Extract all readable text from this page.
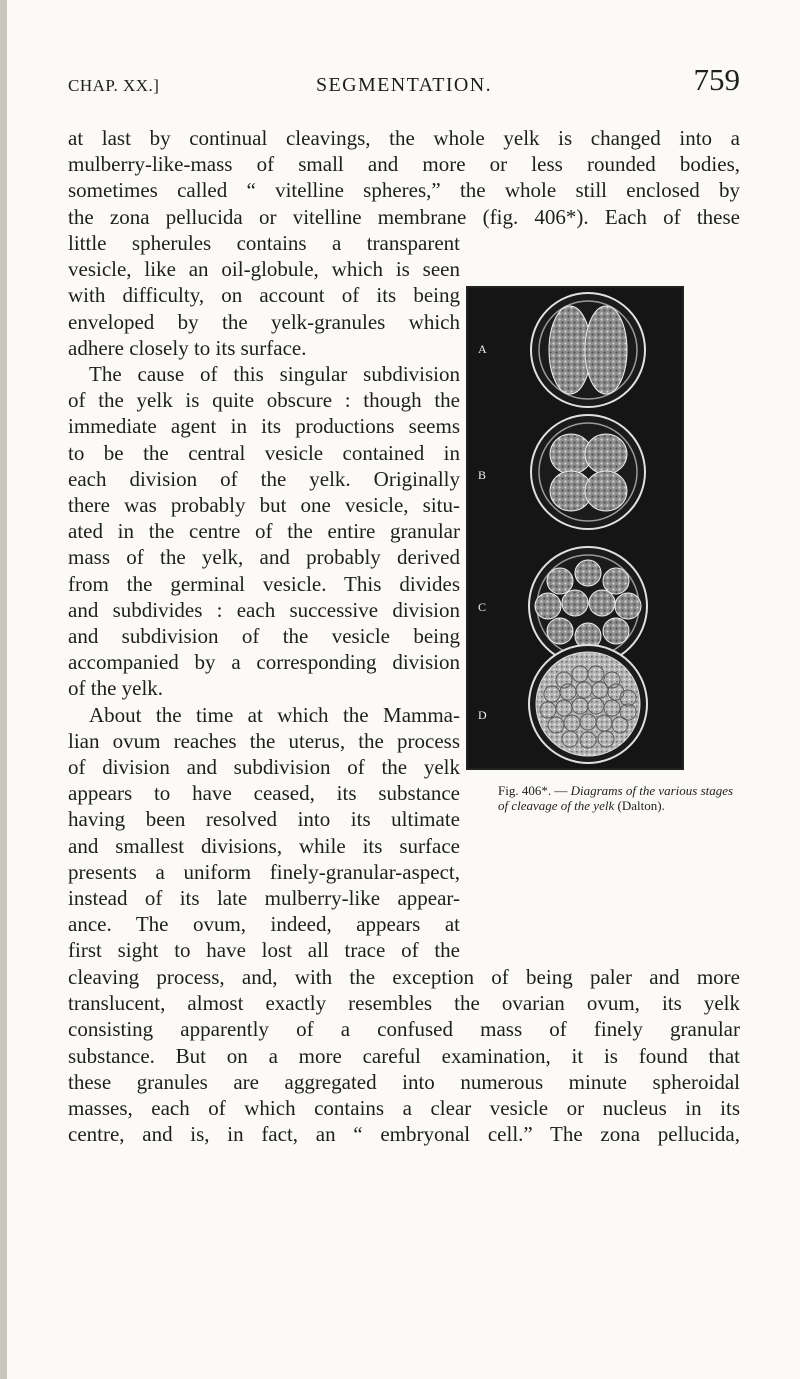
CHAP. XX.]	SEGMENTATION.	759
at last by continual cleavings, the whole yelk is changed into a
mulberry-like-mass of small and more or less rounded bodies,
sometimes called “ vitelline spheres,” the whole still enclosed by
the zona pellucida or vitelline membrane (fig. 406*). Each of these
little spherules contains a transparent
vesicle, like an oil-globule, which is seen
with difficulty, on account of its being
enveloped by the yelk-granules which
adhere closely to its surface.
The cause of this singular subdivision
of the yelk is quite obscure : though the
immediate agent in its productions seems
to be the central vesicle contained in
each division of the yelk. Originally
there was probably but one vesicle, situ-
ated in the centre of the entire granular
mass of the yelk, and probably derived
from the germinal vesicle. This divides
and subdivides : each successive division
and subdivision of the vesicle being
accompanied by a corresponding division
of the yelk.
About the time at which the Mamma-
lian ovum reaches the uterus, the process
of division and subdivision of the yelk
appears to have ceased, its substance
having been resolved into its ultimate
and smallest divisions, while its surface
presents a uniform finely-granular-aspect,
instead of its late mulberry-like appear-
ance. The ovum, indeed, appears at
first sight to have lost all trace of the
cleaving process, and, with the exception of being paler and more
translucent, almost exactly resembles the ovarian ovum, its yelk
consisting apparently of a confused mass of finely granular
substance. But on a more careful examination, it is found that
these granules are aggregated into numerous minute spheroidal
masses, each of which contains a clear vesicle or nucleus in its
centre, and is, in fact, an “ embryonal cell.” The zona pellucida,
A
B
C
D
Fig. 406*. — Diagrams of the various stages of cleavage of the yelk (Dalton).
